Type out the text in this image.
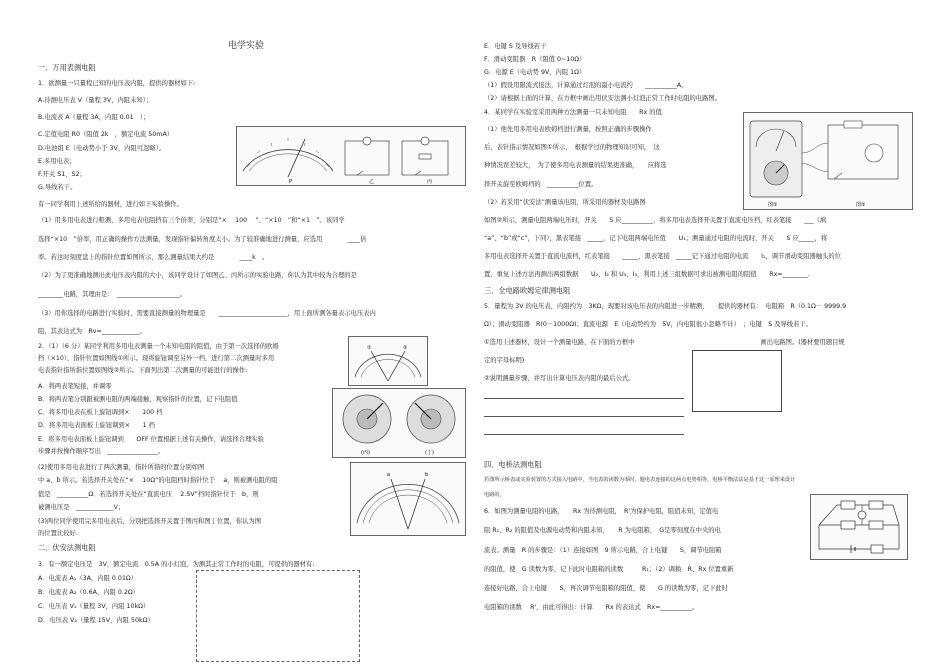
电学实验
一．万用表测电阻
1．欲测量一只量程已知的电压表内阻，提供的器材如下:
A.待测电压表 V（量程 3V，内阻未知）；
B.电流表 A（量程 3A，内阻 0.01　）；
C.定值电阻 R0（阻值 2k　，额定电流 50mA）
D.电池组 E（电动势小于 3V，内阻可忽略）。
E.多用电表；
F.开关 S1、S2；
G.导线若干。
P	乙	丙
有一同学利用上述所给的器材，进行如下实验操作。
（1）用多用电表进行粗测，多用电表电阻挡有三个倍率，分别是“×　 100　 ”、“×10　”和“×1　”。该同学
选择“×10　”倍率，用正确的操作方法测量，发现指针偏转角度太小。为了较准确地进行测量，应选用　　　　____倍
率。若这时刻度盘上的指针位置如图所示，那么测量结果大约是　　　　____k　。
（2）为了更准确地测出此电压表内阻的大小，该同学设计了如图乙、丙所示的实验电路，你认为其中较为合理的是
________电路，其理由是：　____________________。
（3）用你选择的电路进行实验时，需要直接测量的物理量是　　______________________，用上面所测各量表示电压表内
阻，其表达式为　Rv=____________。
2．（1）（6 分）某同学利用多用电表测量一个未知电阻的阻值，由于第一次选择的欧姆
挡（×10），指针位置如图线①所示。现将旋钮调至另外一档，进行第二次测量时多用
电表指针指所指位置如图线②所示。下面列出第二次测量的可能进行的操作:
①	②
A．将两表笔短接，并调零
B．将两表笔分别跟被测电阻的两端接触，观察指针的位置，记下电阻值
C．将多用电表在板上旋钮调到×　　100 档
D．将多用电表面板上旋钮调到×　　1 档
E．将多用电表面板上旋钮调到　　OFF 位置根据上述有关操作，请选择合理实验
步骤并按操作顺序写出　________________。	(丙)	(丁)
(2)使用多用电表进行了两次测量，指针所指的位置分别如图
中 a、b 所示。若选择开关处在“×　 10Ω”的电阻档时指针位于　 a，则被测电阻的阻
值是　__________Ω．若选择开关处在“直流电压　 2.5V”档时指针位于　b，则
被测电压是　____________V；
(3)两位同学使用完多用电表后，分别把选择开关置于图丙和图丁位置，你认为图
的位置比较好.
a	b
二．伏安法测电阻
3．有一额定电压是　3V，额定电流　0.5A 的小灯泡，为测其正常工作时的电阻，可提供的器材有:
A．电流表 A₁（3A，内阻 0.01Ω）
B．电流表 A₂（0.6A，内阻 0.2Ω）
C．电压表 V₁（量程 3V，内阻 10kΩ）
D．电压表 V₂（量程 15V，内阻 50kΩ）
E．电键 S 及导线若干
F．滑动变阻器　R（阻值 0~10Ω）
G．电源 E（电动势 9V，内阻 1Ω）
（1）假设用限流式接法，计算通过灯泡的最小电流约　　__________A。
（2）请根据上面的计算，在方框中画出用伏安法测小灯泡正常工作时电阻的电路图。
4．某同学在实验室采用两种方法测量一只未知电阻　　Rx 的值．
（1）他先用多用电表欧姆档进行测量，按照正确的步骤操作
后，表针指示情况如图①所示，　根据学过的物理知识可知，　这
种情况误差较大，　为了使多用电表测量的结果更准确，　　应将选
择开关旋至欧姆档的　__________位置。
（2）若采用“伏安法”测量该电阻，所采用的器材及电路图	图①	图②
如图②所示，测量电阻两端电压时，开关　　S 应__________，将多用电表选择开关置于直流电压档，红表笔接　　___（填
“a”、“b”或“c”，下同），黑表笔接　_____，记下电阻两端电压值　　U₁；测量通过电阻的电流时，开关　　S 应_____，将
多用电表选择开关置于直流电流档，红表笔接　　_____，黑表笔接　_____记下通过电阻的电流　　I₁，调节滑动变阻器触头的位
置，重复上述方法再测出两组数据　　U₂、I₂ 和 U₃、I₃，利用上述三组数据可求出被测电阻的阻值　　Rx=________．
三．全电路欧姆定律测电阻
5．量程为 3V 的电压表，内阻约为　3KΩ，现要对该电压表的内阻进一步精测，　　提供的器材有：　电阻箱　R（0.1Ω－ 9999.9
Ω）；滑动变阻器　R(0－1000Ω)；直流电源　E（电动势约为　5V，内电阻很小忽略不计）　；电键　S 及导线若干。
①选用上述器材，设计一个测量电路，在下面的方框中　　　　　　　　　　　　　　　　　　　　画出电路图。(器材要用题目规
定的字母标明)
②说明测量步骤，并写出计算电压表内阻的最后公式。
四．电桥法测电阻
若图所示桥表或实验装置的方式接入电路中，当电表的读数为零时，题电表连接的这两点电势相等，电桥平衡法法是基于这一原理来设计
电路的。
6．如图为测量电阻的电路，　　Rx 为待测电阻，　R'为保护电阻，阻值未知，定值电
阻 R₁、R₂ 的阻值及电源电动势和内阻未知，　　R 为电阻箱，　G是零刻度在中央的电
流表。测量　R 的步骤是：（1）连接如图　9 所示电路，合上电键　　S，调节电阻箱
的阻值，使　G 读数为零，记下此时电阻箱的读数　　　R₁；（2）调换　R、Rx 位置重新
连接好电路，合上电键　　S，再次调节电阻箱的阻值，使　　G 的读数为零，记下此时
电阻箱的读数　 R'，由此可得出：计算　　Rx 的表达式　Rx=__________。
